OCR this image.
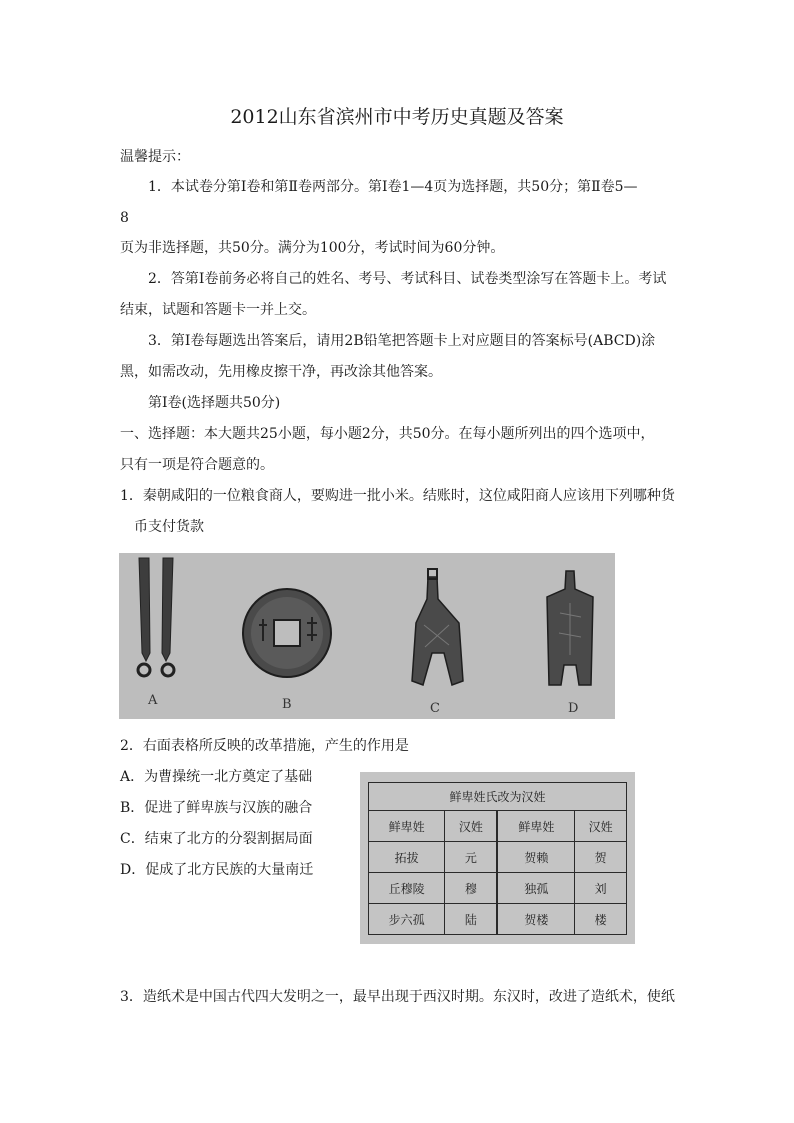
2012山东省滨州市中考历史真题及答案
温馨提示：
1．本试卷分第Ⅰ卷和第Ⅱ卷两部分。第Ⅰ卷1—4页为选择题，共50分；第Ⅱ卷5—
8
页为非选择题，共50分。满分为100分，考试时间为60分钟。
2．答第Ⅰ卷前务必将自己的姓名、考号、考试科目、试卷类型涂写在答题卡上。考试
结束，试题和答题卡一并上交。
3．第Ⅰ卷每题选出答案后，请用2B铅笔把答题卡上对应题目的答案标号(ABCD)涂
黑，如需改动，先用橡皮擦干净，再改涂其他答案。
第Ⅰ卷(选择题共50分)
一、选择题：本大题共25小题，每小题2分，共50分。在每小题所列出的四个选项中，
只有一项是符合题意的。
1．秦朝咸阳的一位粮食商人，要购进一批小米。结账时，这位咸阳商人应该用下列哪种货
币支付货款
A	B	C	D
2．右面表格所反映的改革措施，产生的作用是
A．为曹操统一北方奠定了基础
B．促进了鲜卑族与汉族的融合
C．结束了北方的分裂割据局面
D．促成了北方民族的大量南迁
鲜卑姓氏改为汉姓			
鲜卑姓	汉姓	鲜卑姓	汉姓
拓拔	元	贺赖	贺
丘穆陵	穆	独孤	刘
步六孤	陆	贺楼	楼
3．造纸术是中国古代四大发明之一，最早出现于西汉时期。东汉时，改进了造纸术，使纸
